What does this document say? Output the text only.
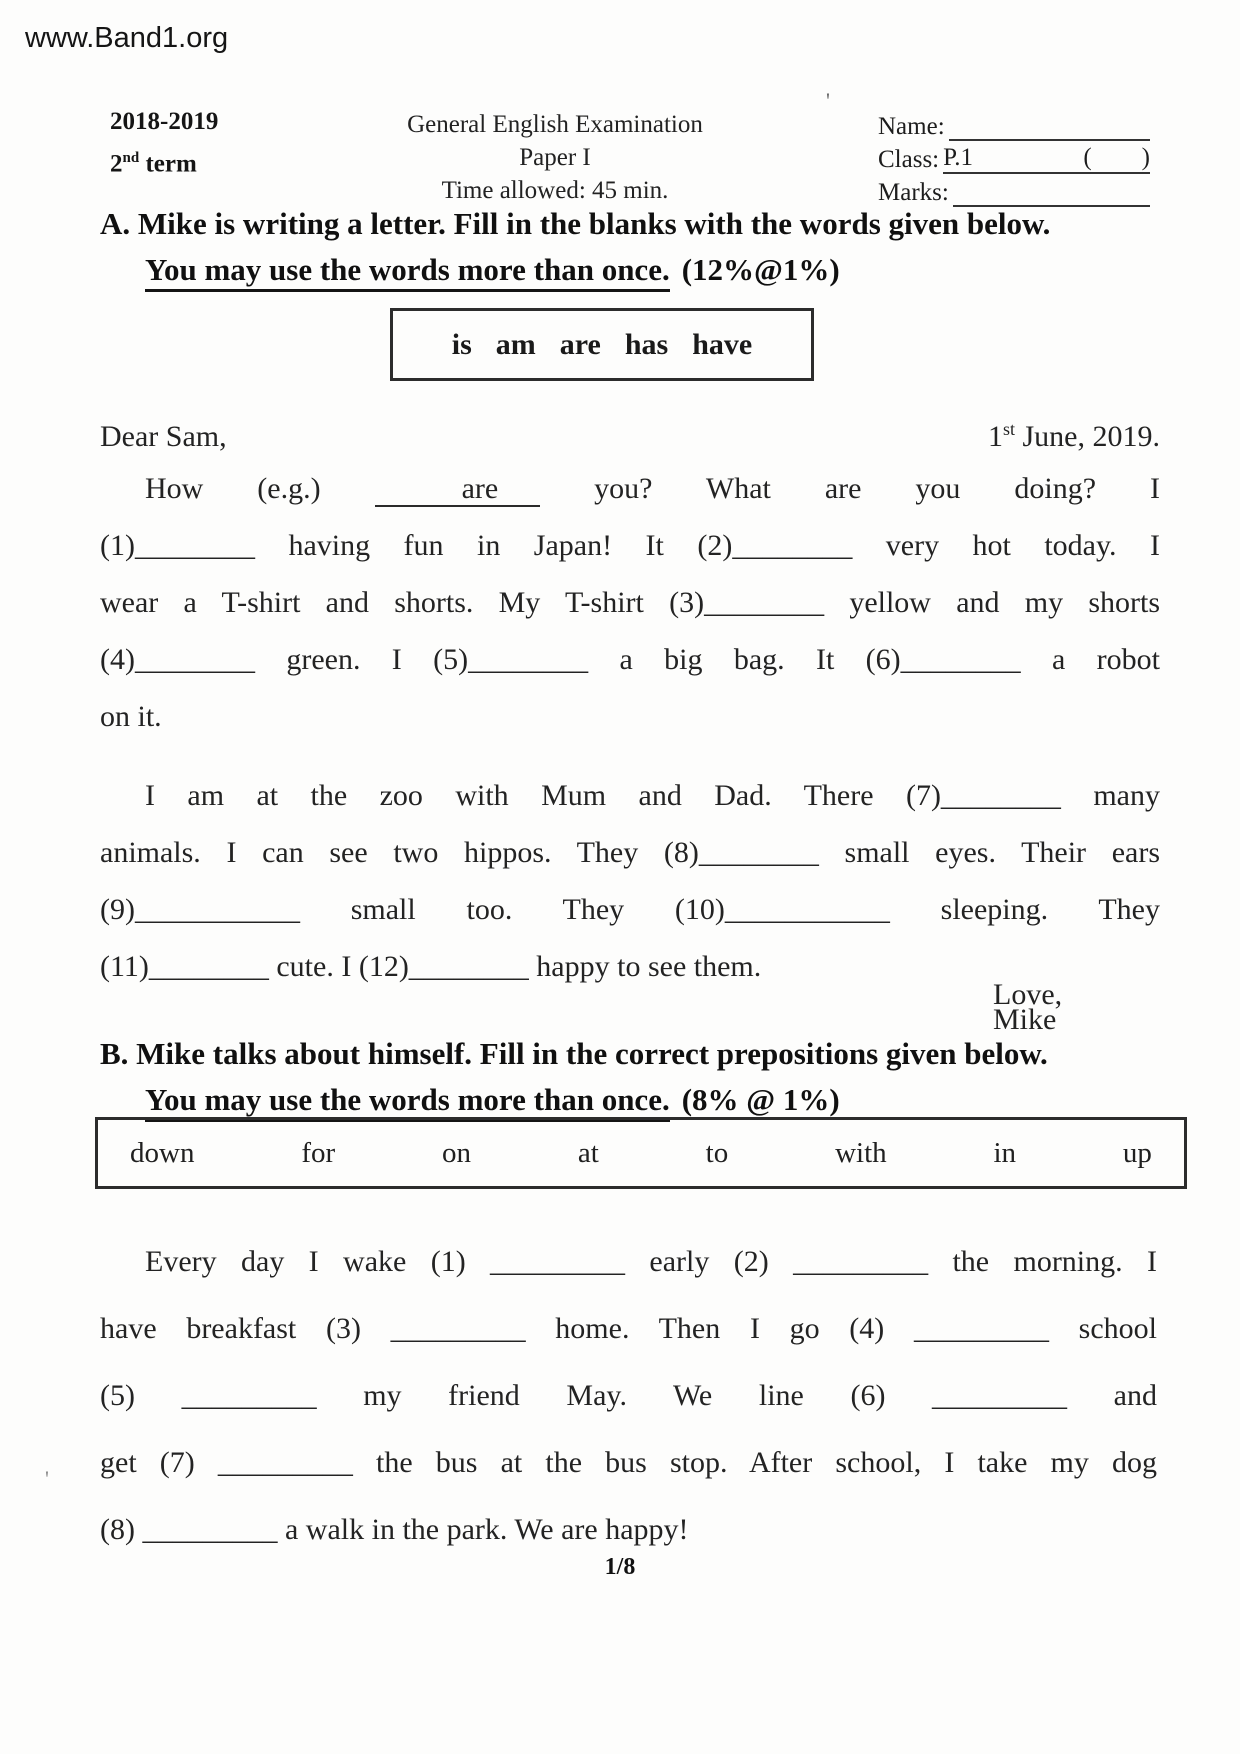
www.Band1.org
'
'
2018-2019
2nd term
General English Examination
Paper I
Time allowed: 45 min.
Name:
Class: P.1	(        )
Marks:
A. Mike is writing a letter. Fill in the blanks with the words given below.
You may use the words more than once. (12%@1%)
is am are has have
Dear Sam,	1st June, 2019.
How (e.g.)	are	you? What are you doing? I
(1)________ having fun in Japan! It (2)________ very hot today. I
wear a T-shirt and shorts. My T-shirt (3)________ yellow and my shorts
(4)________ green. I (5)________ a big bag. It (6)________ a robot
on it.
I am at the zoo with Mum and Dad. There (7)________ many
animals. I can see two hippos. They (8)________ small eyes. Their ears
(9)___________ small too. They (10)___________ sleeping. They
(11)________ cute. I (12)________ happy to see them.
Love,
Mike
B. Mike talks about himself. Fill in the correct prepositions given below.
You may use the words more than once. (8% @ 1%)
down	for	on	at	to	with	in	up
Every day I wake (1) _________ early (2) _________ the morning. I
have breakfast (3) _________ home. Then I go (4) _________ school
(5) _________ my friend May. We line (6) _________ and
get (7) _________ the bus at the bus stop. After school, I take my dog
(8) _________ a walk in the park. We are happy!
1/8
